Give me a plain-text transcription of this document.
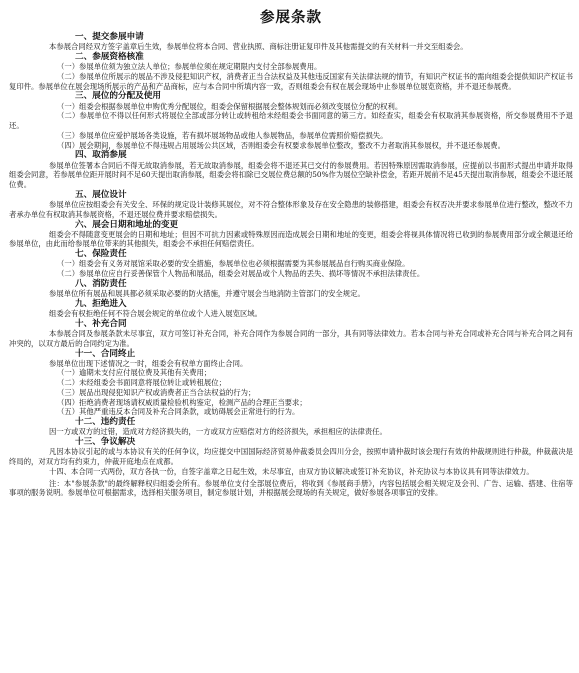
参展条款
一、提交参展申请
本参展合同经双方签字盖章后生效，参展单位将本合同、营业执照、商标注册证复印件及其他需提交的有关材料一并交至组委会。
二、参展资格核准
（一）参展单位须为独立法人单位；参展单位须在规定期限内支付全部参展费用。
（二）参展单位所展示的展品不涉及侵犯知识产权，消费者正当合法权益及其他违反国家有关法律法规的情节，有知识产权证书的需向组委会提供知识产权证书复印件。参展单位在展会现场所展示的产品和产品商标，应与本合同中所填内容一致，否则组委会有权在展会现场中止参展单位展览资格，并不退还参展费。
三、展位的分配及使用
（一）组委会根据参展单位申购优秀分配展位，组委会保留根据展会整体规划而必须改变展位分配的权利。
（二）参展单位不得以任何形式将展位全部或部分转让或转租给未经组委会书面同意的第三方。如经查实，组委会有权取消其参展资格，所交参展费用不予退还。
（三）参展单位应爱护展场各类设施，若有损坏展场物品或他人参展物品，参展单位需照价赔偿损失。
（四）展会期间，参展单位不得违规占用展场公共区域，否则组委会有权要求参展单位整改，整改不力者取消其参展权，并不退还参展费。
四、取消参展
参展单位签署本合同后不得无故取消参展，若无故取消参展，组委会将不退还其已交付的参展费用。若因特殊原因需取消参展，应提前以书面形式提出申请并取得组委会同意，若参展单位距开展时间不足60天提出取消参展，组委会将扣除已交展位费总额的50%作为展位空缺补偿金，若距开展前不足45天提出取消参展，组委会不退还展位费。
五、展位设计
参展单位应按组委会有关安全、环保的规定设计装修其展位，对不符合整体形象及存在安全隐患的装修搭建，组委会有权否决并要求参展单位进行整改，整改不力者承办单位有权取消其参展资格，不退还展位费并要求赔偿损失。
六、展会日期和地址的变更
组委会不得随意变更展会的日期和地址；但因不可抗力因素或特殊原因而造成展会日期和地址的变更，组委会将视具体情况将已收到的参展费用部分或全额退还给参展单位，由此而给参展单位带来的其他损失，组委会不承担任何赔偿责任。
七、保险责任
（一）组委会有义务对展馆采取必要的安全措施，参展单位也必须根据需要为其参展展品自行购买商业保险。
（二）参展单位应自行妥善保管个人物品和展品，组委会对展品或个人物品的丢失、损坏等情况不承担法律责任。
八、消防责任
参展单位所有展品和展具都必须采取必要的防火措施，并遵守展会当地消防主管部门的安全规定。
九、拒绝进入
组委会有权拒绝任何不符合展会规定的单位或个人进入展览区域。
十、补充合同
本参展合同及参展条款未尽事宜，双方可签订补充合同，补充合同作为参展合同的一部分，具有同等法律效力。若本合同与补充合同或补充合同与补充合同之间有冲突的，以双方最后的合同约定为准。
十一、合同终止
参展单位出现下述情况之一时，组委会有权单方面终止合同。
（一）逾期未支付应付展位费及其他有关费用；
（二）未经组委会书面同意将展位转让或转租展位；
（三）展品出现侵犯知识产权或消费者正当合法权益的行为；
（四）拒绝消费者现场请权威质量检验机构鉴定，检测产品的合理正当要求；
（五）其他严重违反本合同及补充合同条款，或妨碍展会正常进行的行为。
十二、违约责任
因一方或双方的过错，造成对方经济损失的，一方或双方应赔偿对方的经济损失，承担相应的法律责任。
十三、争议解决
凡因本协议引起的或与本协议有关的任何争议，均应提交中国国际经济贸易仲裁委员会四川分会，按照申请仲裁时该会现行有效的仲裁规则进行仲裁，仲裁裁决是终局的，对双方均有约束力，仲裁开庭地点在成都。
十四、本合同一式两份，双方各执一份，自签字盖章之日起生效，未尽事宜，由双方协议解决或签订补充协议，补充协议与本协议具有同等法律效力。
注：本"参展条款"的最终解释权归组委会所有。参展单位支付全部展位费后，将收到《参展商手册》，内容包括展会相关规定及会刊、广告、运输、搭建、住宿等事项的服务说明。参展单位可根据需求，选择相关服务项目，制定参展计划，并根据展会现场的有关规定，做好参展各项事宜的安排。
